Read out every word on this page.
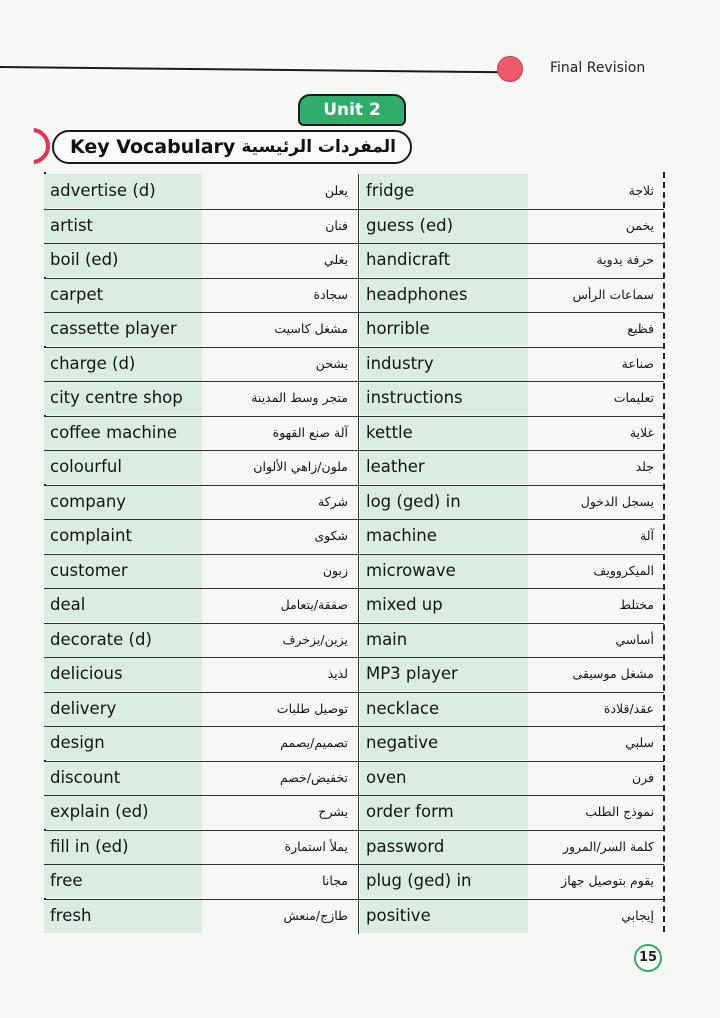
Final Revision
Unit 2
Key Vocabulary المفردات الرئيسية
advertise (d)	يعلن	fridge	ثلاجة
artist	فنان	guess (ed)	يخمن
boil (ed)	يغلي	handicraft	حرفة يدوية
carpet	سجادة	headphones	سماعات الرأس
cassette player	مشغل كاسيت	horrible	فظيع
charge (d)	يشحن	industry	صناعة
city centre shop	متجر وسط المدينة	instructions	تعليمات
coffee machine	آلة صنع القهوة	kettle	غلاية
colourful	ملون/زاهي الألوان	leather	جلد
company	شركة	log (ged) in	يسجل الدخول
complaint	شكوى	machine	آلة
customer	زبون	microwave	الميكروويف
deal	صفقة/يتعامل	mixed up	مختلط
decorate (d)	يزين/يزخرف	main	أساسي
delicious	لذيذ	MP3 player	مشغل موسيقى
delivery	توصيل طلبات	necklace	عقد/قلادة
design	تصميم/يصمم	negative	سلبي
discount	تخفيض/خصم	oven	فرن
explain (ed)	يشرح	order form	نموذج الطلب
fill in (ed)	يملأ استمارة	password	كلمة السر/المرور
free	مجانا	plug (ged) in	يقوم بتوصيل جهاز
fresh	طازج/منعش	positive	إيجابي
15
